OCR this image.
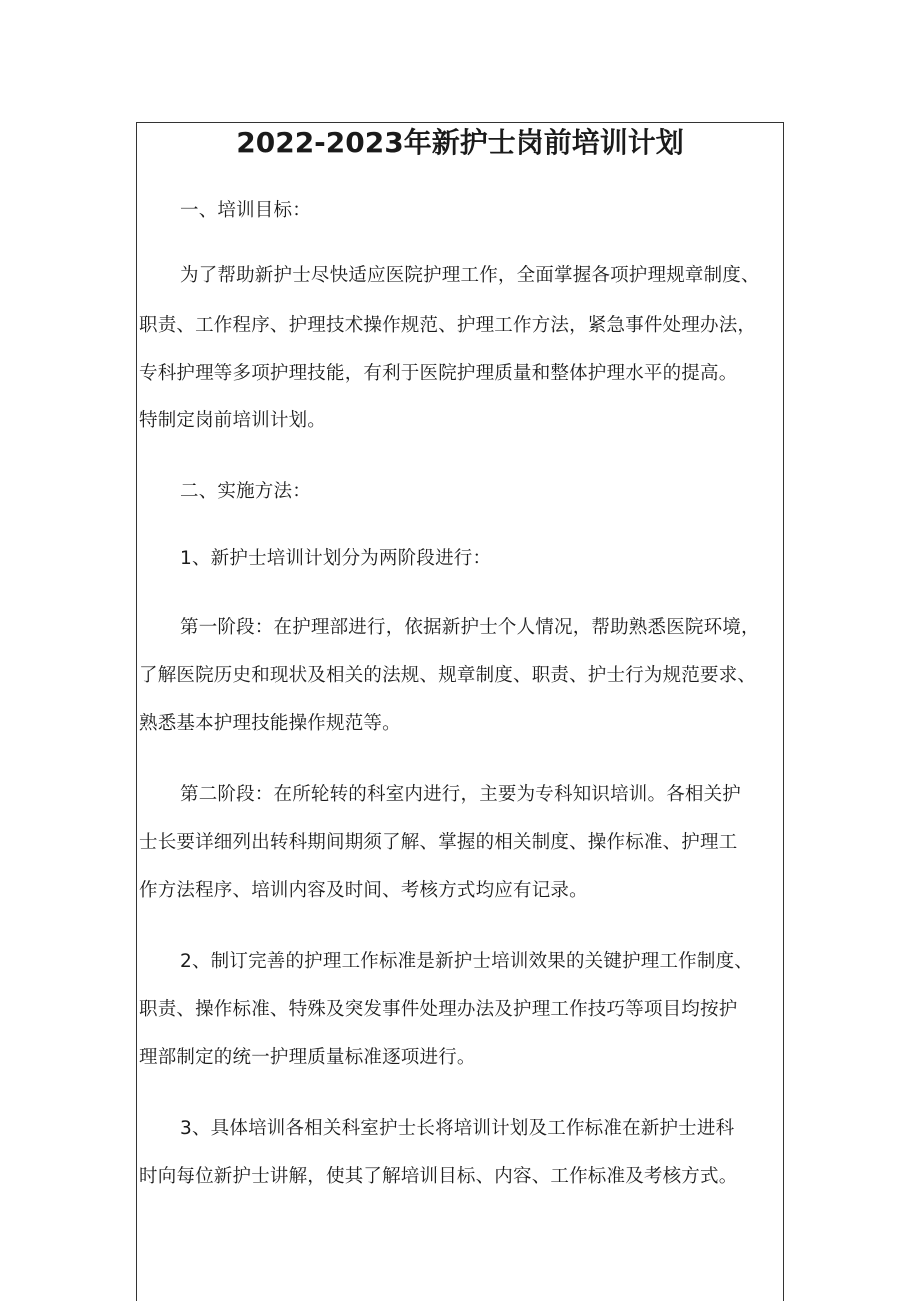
2022-2023年新护士岗前培训计划
一、培训目标：
为了帮助新护士尽快适应医院护理工作，全面掌握各项护理规章制度、
职责、工作程序、护理技术操作规范、护理工作方法，紧急事件处理办法，
专科护理等多项护理技能，有利于医院护理质量和整体护理水平的提高。
特制定岗前培训计划。
二、实施方法：
1、新护士培训计划分为两阶段进行：
第一阶段：在护理部进行，依据新护士个人情况，帮助熟悉医院环境，
了解医院历史和现状及相关的法规、规章制度、职责、护士行为规范要求、
熟悉基本护理技能操作规范等。
第二阶段：在所轮转的科室内进行，主要为专科知识培训。各相关护
士长要详细列出转科期间期须了解、掌握的相关制度、操作标准、护理工
作方法程序、培训内容及时间、考核方式均应有记录。
2、制订完善的护理工作标准是新护士培训效果的关键护理工作制度、
职责、操作标准、特殊及突发事件处理办法及护理工作技巧等项目均按护
理部制定的统一护理质量标准逐项进行。
3、具体培训各相关科室护士长将培训计划及工作标准在新护士进科
时向每位新护士讲解，使其了解培训目标、内容、工作标准及考核方式。
